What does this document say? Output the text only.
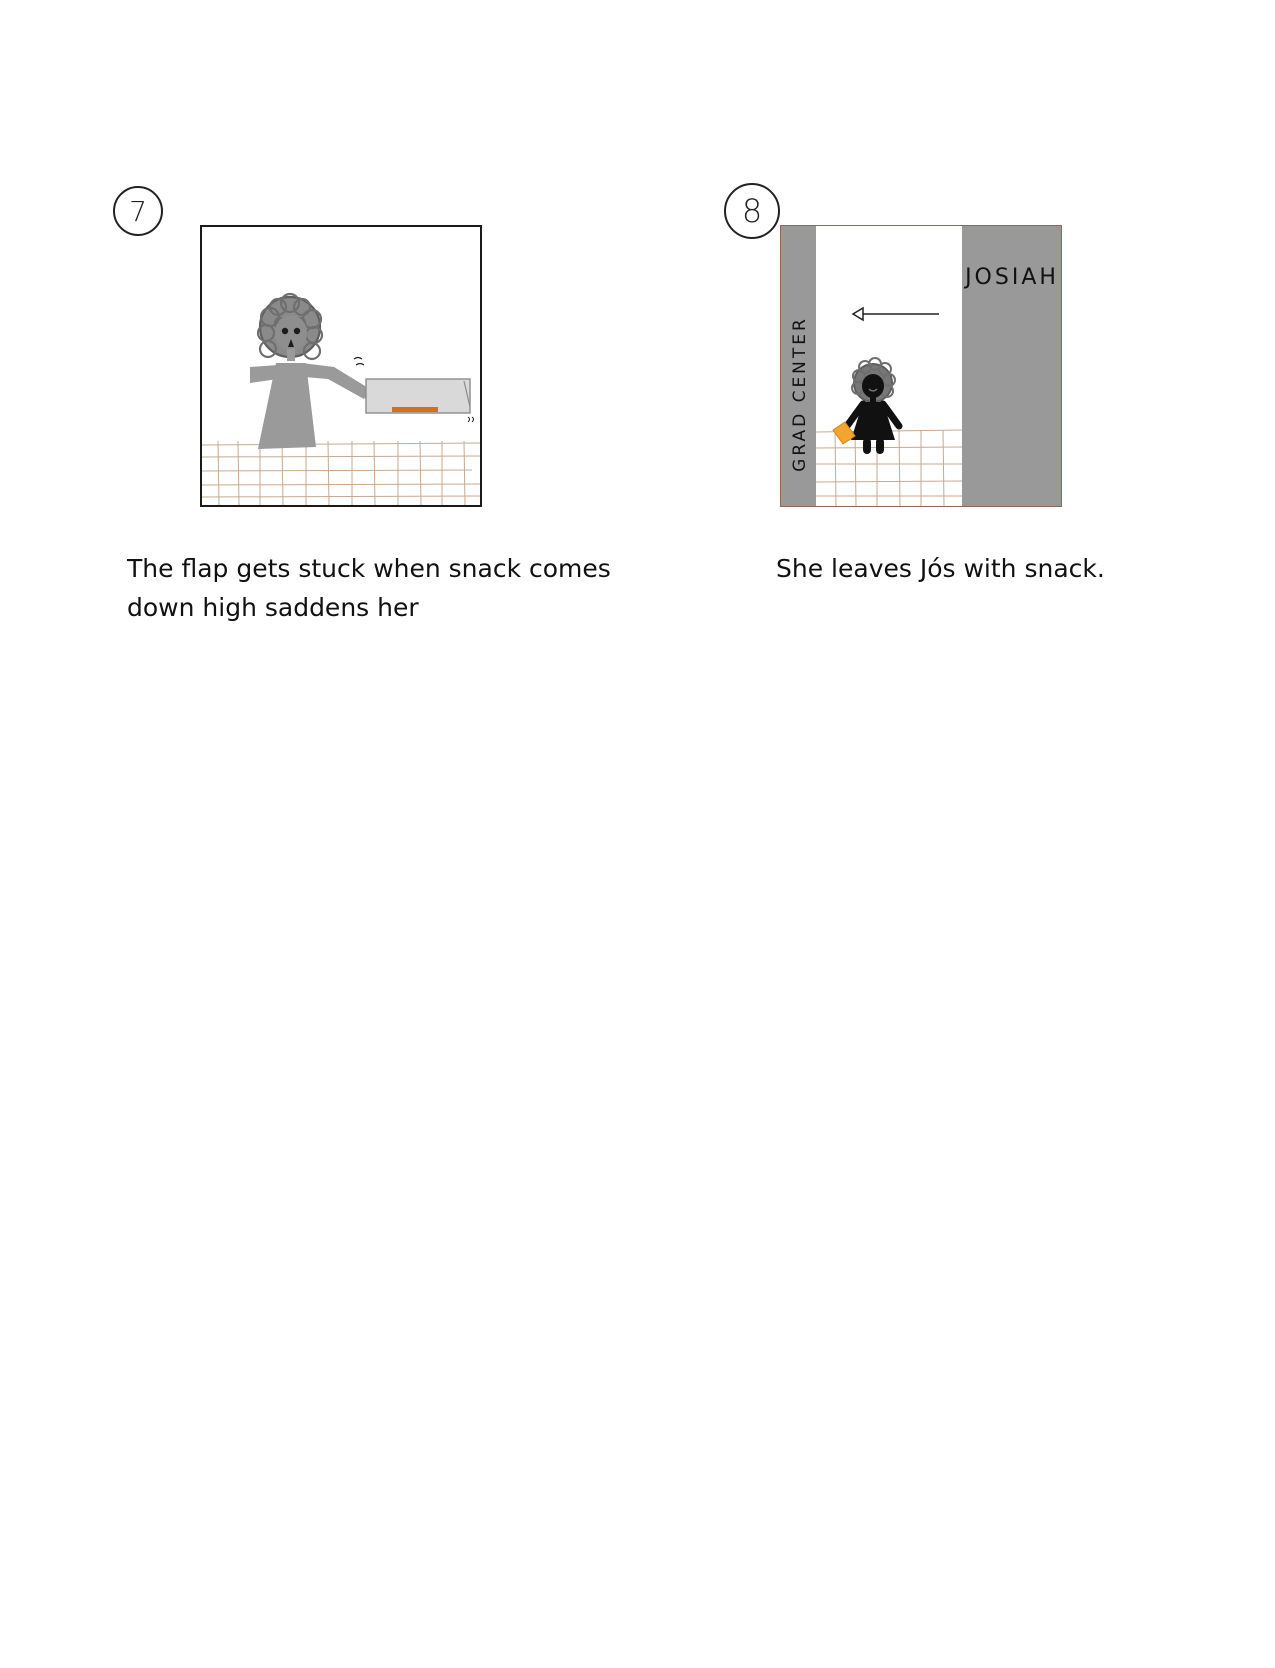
7
The flap gets stuck when snack comes down high saddens her
8
GRAD CENTER
JOSIAH
She leaves Jós with snack.
